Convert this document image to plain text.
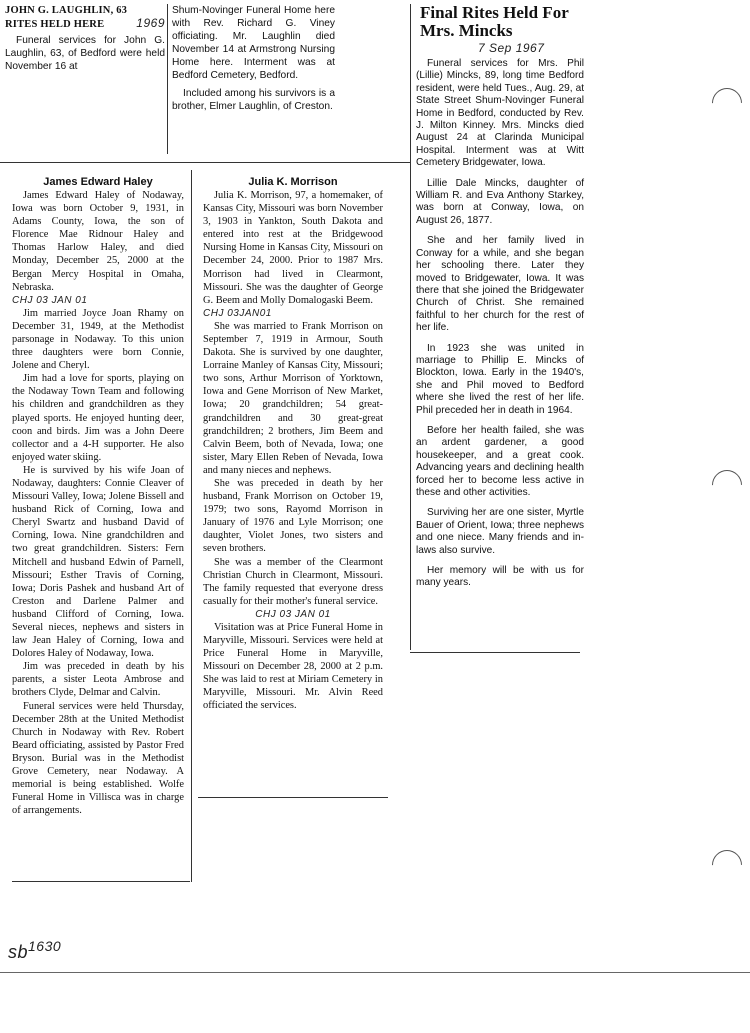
JOHN G. LAUGHLIN, 63
RITES HELD HERE	1969

Funeral services for John G. Laughlin, 63, of Bedford were held November 16 at

Shum-Novinger Funeral Home here with Rev. Richard G. Viney officiating. Mr. Laughlin died November 14 at Armstrong Nursing Home here. Interment was at Bedford Cemetery, Bedford.

Included among his survivors is a brother, Elmer Laughlin, of Creston.

Final Rites Held For Mrs. Mincks
7 Sep 1967

Funeral services for Mrs. Phil (Lillie) Mincks, 89, long time Bedford resident, were held Tues., Aug. 29, at State Street Shum-Novinger Funeral Home in Bedford, conducted by Rev. J. Milton Kinney. Mrs. Mincks died August 24 at Clarinda Municipal Hospital. Interment was at Witt Cemetery Bridgewater, Iowa.

Lillie Dale Mincks, daughter of William R. and Eva Anthony Starkey, was born at Conway, Iowa, on August 26, 1877.

She and her family lived in Conway for a while, and she began her schooling there. Later they moved to Bridgewater, Iowa. It was there that she joined the Bridgewater Church of Christ. She remained faithful to her church for the rest of her life.

In 1923 she was united in marriage to Phillip E. Mincks of Blockton, Iowa. Early in the 1940's, she and Phil moved to Bedford where she lived the rest of her life. Phil preceded her in death in 1964.

Before her health failed, she was an ardent gardener, a good housekeeper, and a great cook. Advancing years and declining health forced her to become less active in these and other activities.

Surviving her are one sister, Myrtle Bauer of Orient, Iowa; three nephews and one niece. Many friends and in-laws also survive.

Her memory will be with us for many years.

James Edward Haley

James Edward Haley of Nodaway, Iowa was born October 9, 1931, in Adams County, Iowa, the son of Florence Mae Ridnour Haley and Thomas Harlow Haley, and died Monday, December 25, 2000 at the Bergan Mercy Hospital in Omaha, Nebraska.

CHJ 03 JAN 01

Jim married Joyce Joan Rhamy on December 31, 1949, at the Methodist parsonage in Nodaway. To this union three daughters were born Connie, Jolene and Cheryl.

Jim had a love for sports, playing on the Nodaway Town Team and following his children and grandchildren as they played sports. He enjoyed hunting deer, coon and birds. Jim was a John Deere collector and a 4-H supporter. He also enjoyed water skiing.

He is survived by his wife Joan of Nodaway, daughters: Connie Cleaver of Missouri Valley, Iowa; Jolene Bissell and husband Rick of Corning, Iowa and Cheryl Swartz and husband David of Corning, Iowa. Nine grandchildren and two great grandchildren. Sisters: Fern Mitchell and husband Edwin of Parnell, Missouri; Esther Travis of Corning, Iowa; Doris Pashek and husband Art of Creston and Darlene Palmer and husband Clifford of Corning, Iowa. Several nieces, nephews and sisters in law Jean Haley of Corning, Iowa and Dolores Haley of Nodaway, Iowa.

Jim was preceded in death by his parents, a sister Leota Ambrose and brothers Clyde, Delmar and Calvin.

Funeral services were held Thursday, December 28th at the United Methodist Church in Nodaway with Rev. Robert Beard officiating, assisted by Pastor Fred Bryson. Burial was in the Methodist Grove Cemetery, near Nodaway. A memorial is being established. Wolfe Funeral Home in Villisca was in charge of arrangements.

Julia K. Morrison

Julia K. Morrison, 97, a homemaker, of Kansas City, Missouri was born November 3, 1903 in Yankton, South Dakota and entered into rest at the Bridgewood Nursing Home in Kansas City, Missouri on December 24, 2000. Prior to 1987 Mrs. Morrison had lived in Clearmont, Missouri. She was the daughter of George G. Beem and Molly Domalogaski Beem.

CHJ 03JAN01

She was married to Frank Morrison on September 7, 1919 in Armour, South Dakota. She is survived by one daughter, Lorraine Manley of Kansas City, Missouri; two sons, Arthur Morrison of Yorktown, Iowa and Gene Morrison of New Market, Iowa; 20 grandchildren; 54 great-grandchildren and 30 great-great grandchildren; 2 brothers, Jim Beem and Calvin Beem, both of Nevada, Iowa; one sister, Mary Ellen Reben of Nevada, Iowa and many nieces and nephews.

She was preceded in death by her husband, Frank Morrison on October 19, 1979; two sons, Rayomd Morrison in January of 1976 and Lyle Morrison; one daughter, Violet Jones, two sisters and seven brothers.

She was a member of the Clearmont Christian Church in Clearmont, Missouri. The family requested that everyone dress casually for their mother's funeral service.

CHJ 03 JAN 01

Visitation was at Price Funeral Home in Maryville, Missouri. Services were held at Price Funeral Home in Maryville, Missouri on December 28, 2000 at 2 p.m. She was laid to rest at Miriam Cemetery in Maryville, Missouri. Mr. Alvin Reed officiated the services.

$sb^{1630}$
